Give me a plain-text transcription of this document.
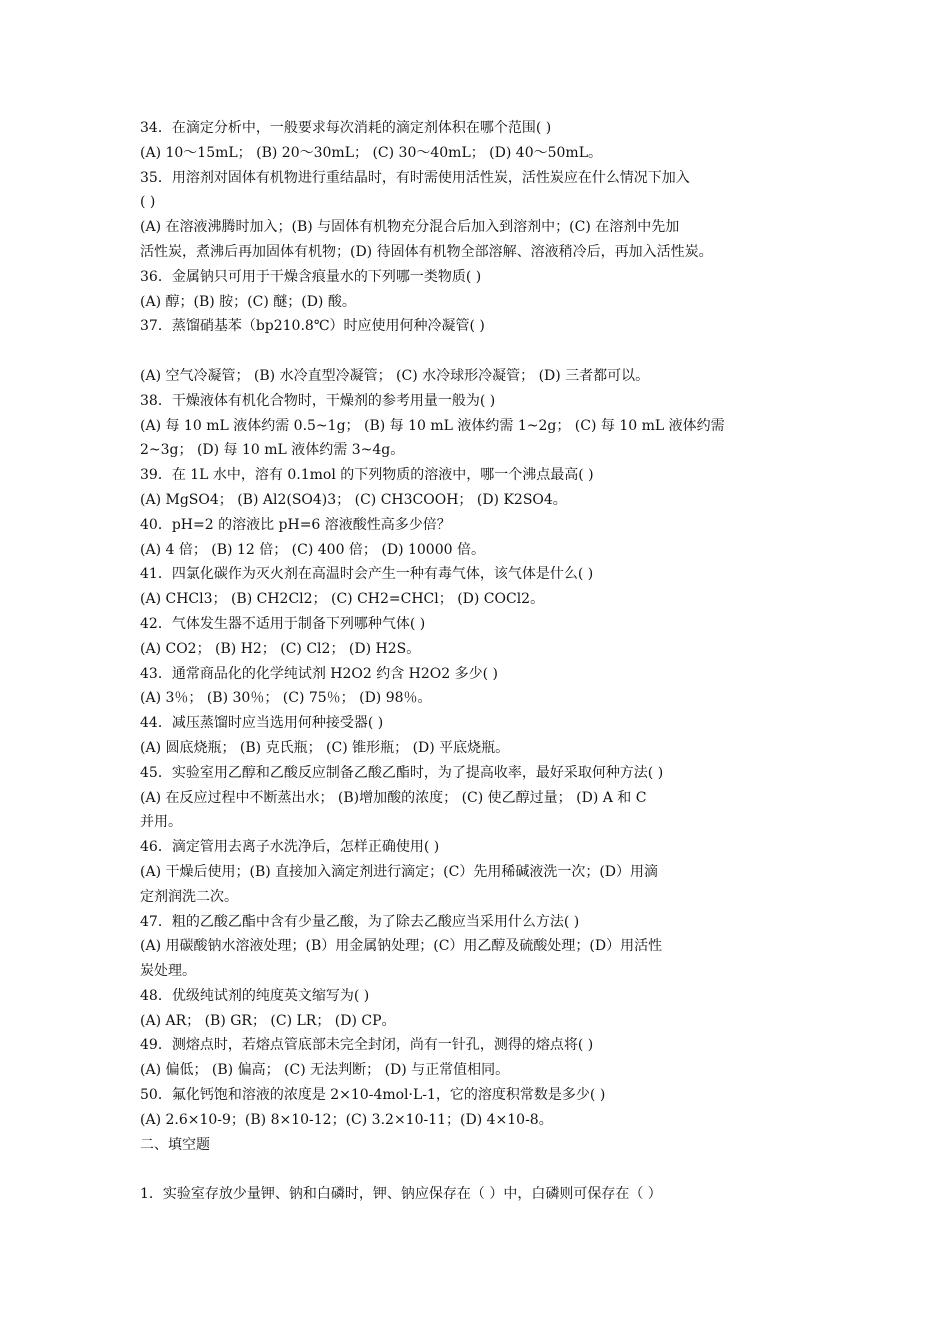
34．在滴定分析中，一般要求每次消耗的滴定剂体积在哪个范围( )
(A) 10～15mL； (B) 20～30mL； (C) 30～40mL； (D) 40～50mL。
35．用溶剂对固体有机物进行重结晶时，有时需使用活性炭，活性炭应在什么情况下加入
( )
(A) 在溶液沸腾时加入；(B) 与固体有机物充分混合后加入到溶剂中；(C) 在溶剂中先加
活性炭，煮沸后再加固体有机物；(D) 待固体有机物全部溶解、溶液稍冷后，再加入活性炭。
36．金属钠只可用于干燥含痕量水的下列哪一类物质( )
(A) 醇；(B) 胺；(C) 醚；(D) 酸。
37．蒸馏硝基苯（bp210.8℃）时应使用何种冷凝管( )
(A) 空气冷凝管； (B) 水冷直型冷凝管； (C) 水冷球形冷凝管； (D) 三者都可以。
38．干燥液体有机化合物时，干燥剂的参考用量一般为( )
(A) 每 10 mL 液体约需 0.5~1g； (B) 每 10 mL 液体约需 1~2g； (C) 每 10 mL 液体约需
2~3g； (D) 每 10 mL 液体约需 3~4g。
39．在 1L 水中，溶有 0.1mol 的下列物质的溶液中，哪一个沸点最高( )
(A) MgSO4； (B) Al2(SO4)3； (C) CH3COOH； (D) K2SO4。
40．pH=2 的溶液比 pH=6 溶液酸性高多少倍？
(A) 4 倍； (B) 12 倍； (C) 400 倍； (D) 10000 倍。
41．四氯化碳作为灭火剂在高温时会产生一种有毒气体，该气体是什么( )
(A) CHCl3； (B) CH2Cl2； (C) CH2=CHCl； (D) COCl2。
42．气体发生器不适用于制备下列哪种气体( )
(A) CO2； (B) H2； (C) Cl2； (D) H2S。
43．通常商品化的化学纯试剂 H2O2 约含 H2O2 多少( )
(A) 3％； (B) 30％； (C) 75％； (D) 98％。
44．减压蒸馏时应当选用何种接受器( )
(A) 圆底烧瓶； (B) 克氏瓶； (C) 锥形瓶； (D) 平底烧瓶。
45．实验室用乙醇和乙酸反应制备乙酸乙酯时，为了提高收率，最好采取何种方法( )
(A) 在反应过程中不断蒸出水； (B)增加酸的浓度； (C) 使乙醇过量； (D) A 和 C
并用。
46．滴定管用去离子水洗净后，怎样正确使用( )
(A) 干燥后使用；(B) 直接加入滴定剂进行滴定；(C）先用稀碱液洗一次；(D）用滴
定剂润洗二次。
47．粗的乙酸乙酯中含有少量乙酸，为了除去乙酸应当采用什么方法( )
(A) 用碳酸钠水溶液处理；(B）用金属钠处理；(C）用乙醇及硫酸处理；(D）用活性
炭处理。
48．优级纯试剂的纯度英文缩写为( )
(A) AR； (B) GR； (C) LR； (D) CP。
49．测熔点时，若熔点管底部未完全封闭，尚有一针孔，测得的熔点将( )
(A) 偏低； (B) 偏高； (C) 无法判断； (D) 与正常值相同。
50．氟化钙饱和溶液的浓度是 2×10-4mol·L-1，它的溶度积常数是多少( )
(A) 2.6×10-9；(B) 8×10-12；(C) 3.2×10-11；(D) 4×10-8。
二、填空题
1．实验室存放少量钾、钠和白磷时，钾、钠应保存在（ ）中，白磷则可保存在（ ）
